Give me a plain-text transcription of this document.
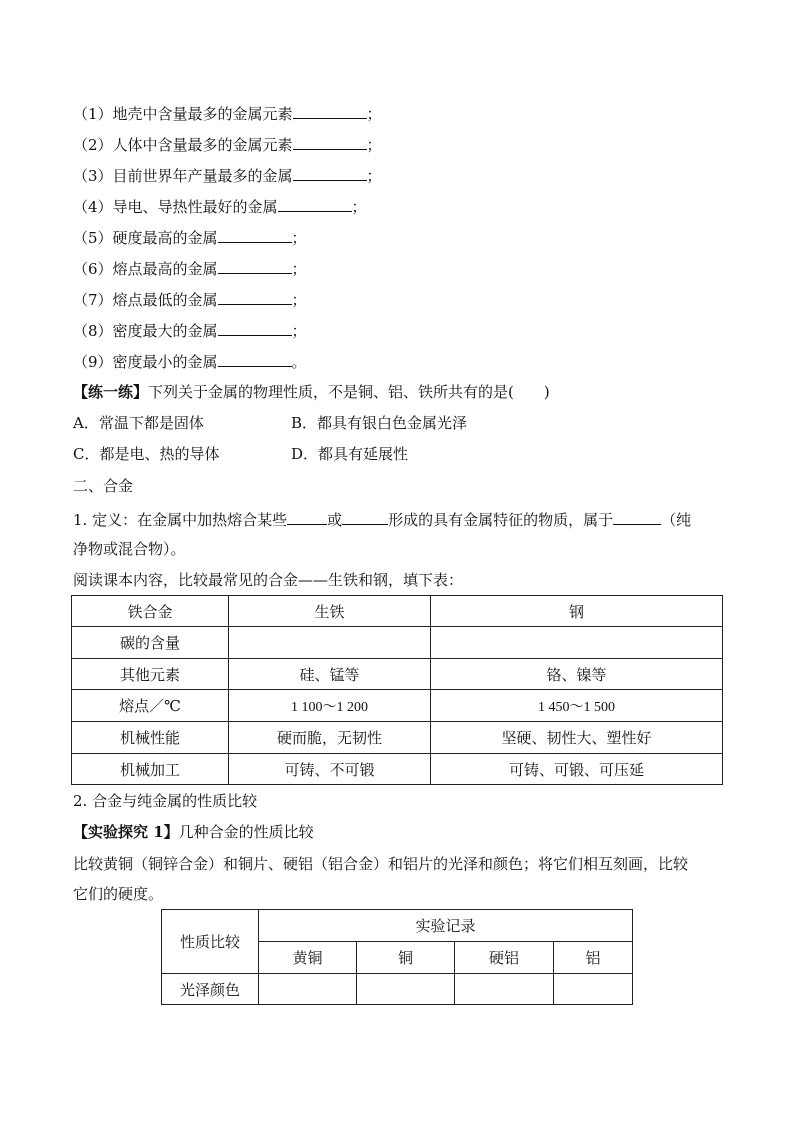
（1）地壳中含量最多的金属元素	；
（2）人体中含量最多的金属元素	；
（3）目前世界年产量最多的金属	；
（4）导电、导热性最好的金属	；
（5）硬度最高的金属	；
（6）熔点最高的金属	；
（7）熔点最低的金属	；
（8）密度最大的金属	；
（9）密度最小的金属	。
【练一练】下列关于金属的物理性质，不是铜、铝、铁所共有的是(　　)
A．常温下都是固体	B．都具有银白色金属光泽
C．都是电、热的导体	D．都具有延展性
二、合金
1. 定义：在金属中加热熔合某些	或	形成的具有金属特征的物质，属于	（纯
净物或混合物）。
阅读课本内容，比较最常见的合金——生铁和钢，填下表：
铁合金	生铁	钢
碳的含量		
其他元素	硅、锰等	铬、镍等
熔点／℃	1 100～1 200	1 450～1 500
机械性能	硬而脆，无韧性	坚硬、韧性大、塑性好
机械加工	可铸、不可锻	可铸、可锻、可压延
2. 合金与纯金属的性质比较
【实验探究 1】几种合金的性质比较
比较黄铜（铜锌合金）和铜片、硬铝（铝合金）和铝片的光泽和颜色；将它们相互刻画，比较
它们的硬度。
性质比较	实验记录			
	黄铜	铜	硬铝	铝
光泽颜色				
